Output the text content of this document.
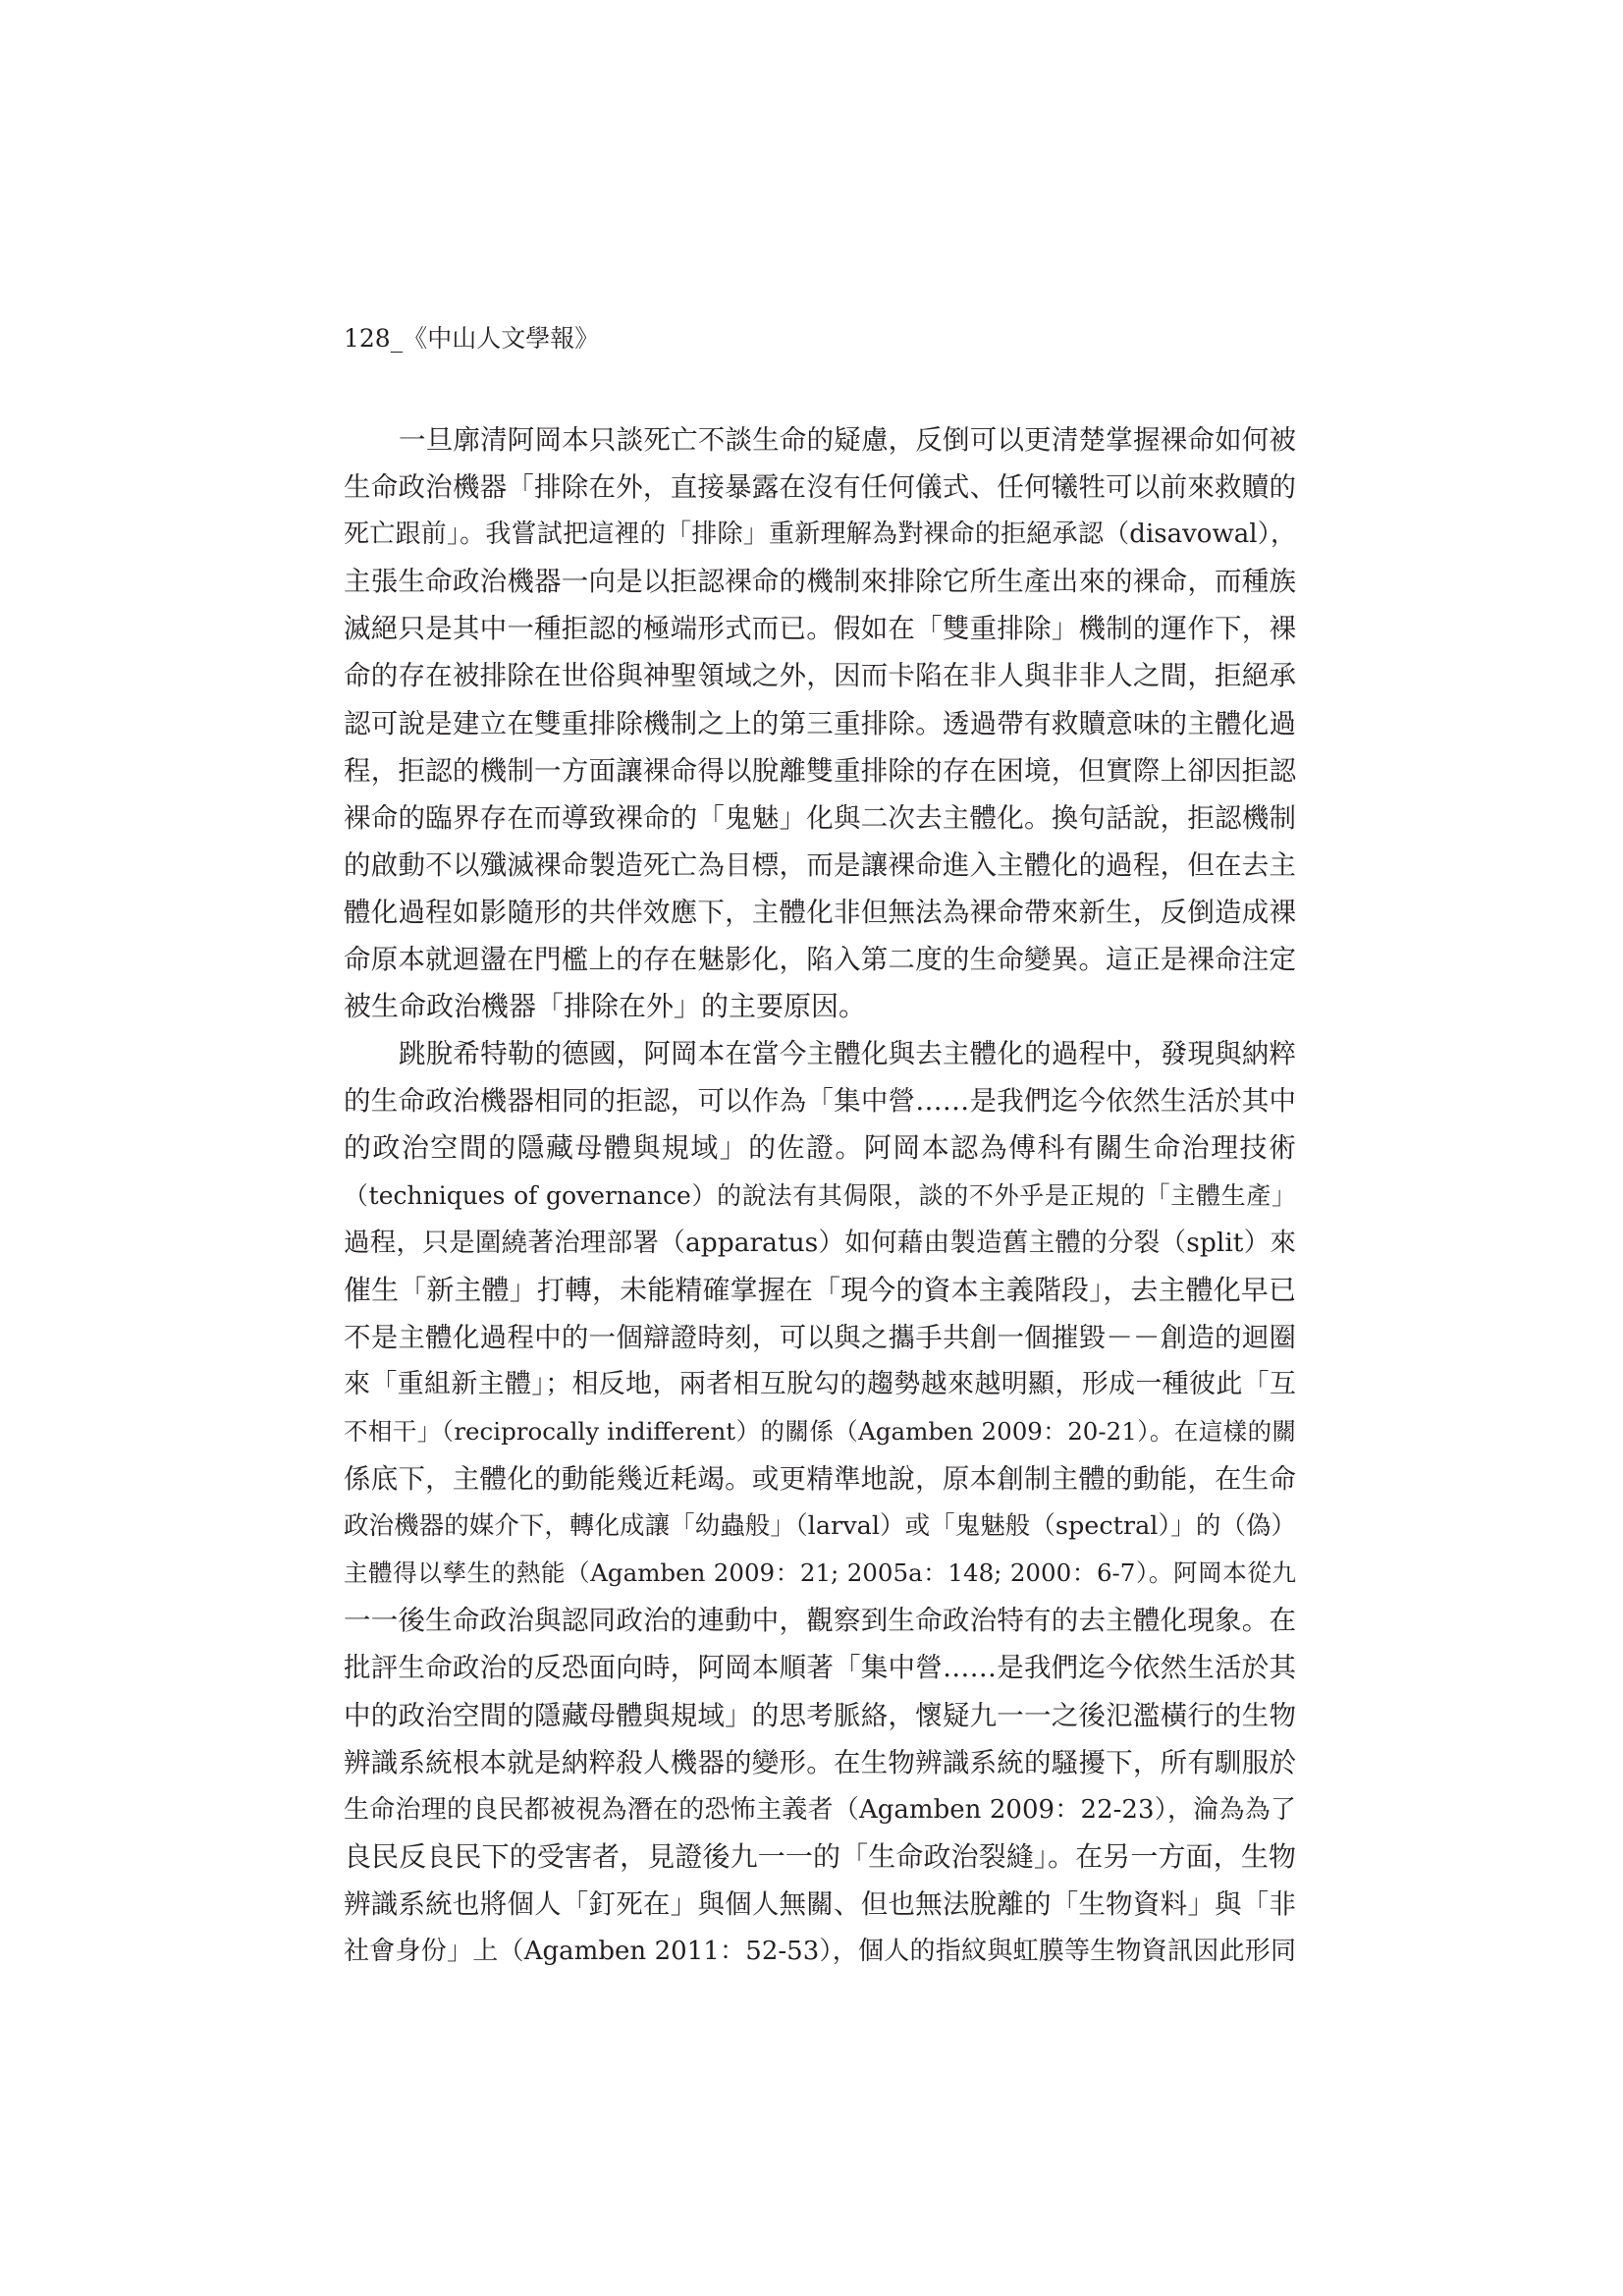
128_《中山人文學報》
一旦廓清阿岡本只談死亡不談生命的疑慮，反倒可以更清楚掌握裸命如何被
生命政治機器「排除在外，直接暴露在沒有任何儀式、任何犧牲可以前來救贖的
死亡跟前」。我嘗試把這裡的「排除」重新理解為對裸命的拒絕承認（disavowal），
主張生命政治機器一向是以拒認裸命的機制來排除它所生產出來的裸命，而種族
滅絕只是其中一種拒認的極端形式而已。假如在「雙重排除」機制的運作下，裸
命的存在被排除在世俗與神聖領域之外，因而卡陷在非人與非非人之間，拒絕承
認可說是建立在雙重排除機制之上的第三重排除。透過帶有救贖意味的主體化過
程，拒認的機制一方面讓裸命得以脫離雙重排除的存在困境，但實際上卻因拒認
裸命的臨界存在而導致裸命的「鬼魅」化與二次去主體化。換句話說，拒認機制
的啟動不以殲滅裸命製造死亡為目標，而是讓裸命進入主體化的過程，但在去主
體化過程如影隨形的共伴效應下，主體化非但無法為裸命帶來新生，反倒造成裸
命原本就迴盪在門檻上的存在魅影化，陷入第二度的生命變異。這正是裸命注定
被生命政治機器「排除在外」的主要原因。
跳脫希特勒的德國，阿岡本在當今主體化與去主體化的過程中，發現與納粹
的生命政治機器相同的拒認，可以作為「集中營……是我們迄今依然生活於其中
的政治空間的隱藏母體與規域」的佐證。阿岡本認為傅科有關生命治理技術
（techniques of governance）的說法有其侷限，談的不外乎是正規的「主體生產」
過程，只是圍繞著治理部署（apparatus）如何藉由製造舊主體的分裂（split）來
催生「新主體」打轉，未能精確掌握在「現今的資本主義階段」，去主體化早已
不是主體化過程中的一個辯證時刻，可以與之攜手共創一個摧毀－－創造的迴圈
來「重組新主體」；相反地，兩者相互脫勾的趨勢越來越明顯，形成一種彼此「互
不相干」（reciprocally indifferent）的關係（Agamben 2009：20-21）。在這樣的關
係底下，主體化的動能幾近耗竭。或更精準地說，原本創制主體的動能，在生命
政治機器的媒介下，轉化成讓「幼蟲般」（larval）或「鬼魅般（spectral）」的（偽）
主體得以孳生的熱能（Agamben 2009：21; 2005a：148; 2000：6-7）。阿岡本從九
一一後生命政治與認同政治的連動中，觀察到生命政治特有的去主體化現象。在
批評生命政治的反恐面向時，阿岡本順著「集中營……是我們迄今依然生活於其
中的政治空間的隱藏母體與規域」的思考脈絡，懷疑九一一之後氾濫橫行的生物
辨識系統根本就是納粹殺人機器的變形。在生物辨識系統的騷擾下，所有馴服於
生命治理的良民都被視為潛在的恐怖主義者（Agamben 2009：22-23），淪為為了
良民反良民下的受害者，見證後九一一的「生命政治裂縫」。在另一方面，生物
辨識系統也將個人「釘死在」與個人無關、但也無法脫離的「生物資料」與「非
社會身份」上（Agamben 2011：52-53），個人的指紋與虹膜等生物資訊因此形同
